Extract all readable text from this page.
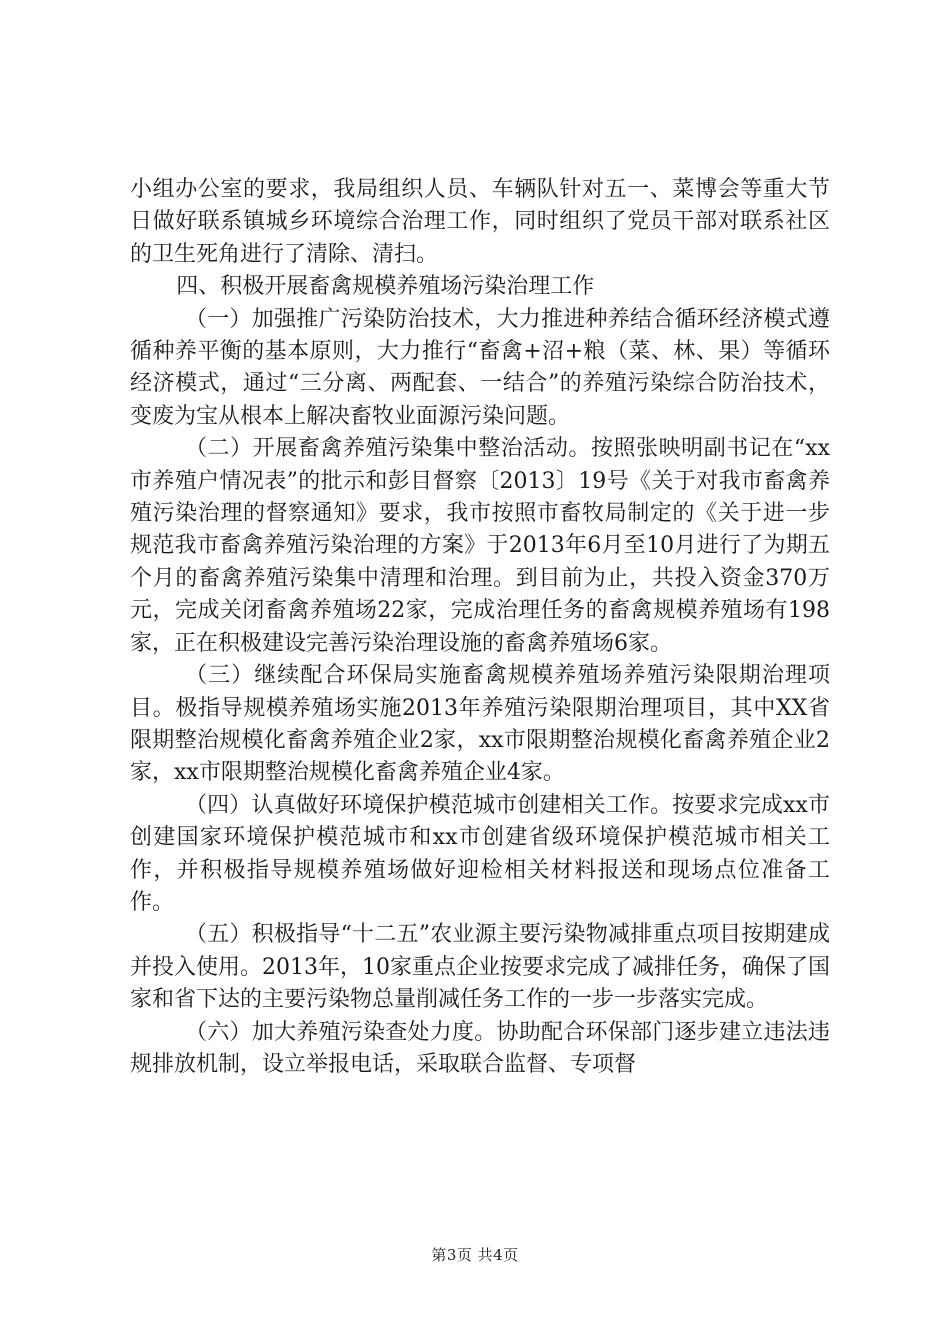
小组办公室的要求，我局组织人员、车辆队针对五一、菜博会等重大节日做好联系镇城乡环境综合治理工作，同时组织了党员干部对联系社区的卫生死角进行了清除、清扫。

四、积极开展畜禽规模养殖场污染治理工作

（一）加强推广污染防治技术，大力推进种养结合循环经济模式遵循种养平衡的基本原则，大力推行“畜禽+沼+粮（菜、林、果）等循环经济模式，通过“三分离、两配套、一结合”的养殖污染综合防治技术，变废为宝从根本上解决畜牧业面源污染问题。

（二）开展畜禽养殖污染集中整治活动。按照张映明副书记在“xx市养殖户情况表”的批示和彭目督察〔2013〕19号《关于对我市畜禽养殖污染治理的督察通知》要求，我市按照市畜牧局制定的《关于进一步规范我市畜禽养殖污染治理的方案》于2013年6月至10月进行了为期五个月的畜禽养殖污染集中清理和治理。到目前为止，共投入资金370万元，完成关闭畜禽养殖场22家，完成治理任务的畜禽规模养殖场有198家，正在积极建设完善污染治理设施的畜禽养殖场6家。

（三）继续配合环保局实施畜禽规模养殖场养殖污染限期治理项目。极指导规模养殖场实施2013年养殖污染限期治理项目，其中XX省限期整治规模化畜禽养殖企业2家，xx市限期整治规模化畜禽养殖企业2家，xx市限期整治规模化畜禽养殖企业4家。

（四）认真做好环境保护模范城市创建相关工作。按要求完成xx市创建国家环境保护模范城市和xx市创建省级环境保护模范城市相关工作，并积极指导规模养殖场做好迎检相关材料报送和现场点位准备工作。

（五）积极指导“十二五”农业源主要污染物减排重点项目按期建成并投入使用。2013年，10家重点企业按要求完成了减排任务，确保了国家和省下达的主要污染物总量削减任务工作的一步一步落实完成。

（六）加大养殖污染查处力度。协助配合环保部门逐步建立违法违规排放机制，设立举报电话，采取联合监督、专项督

第3页 共4页
